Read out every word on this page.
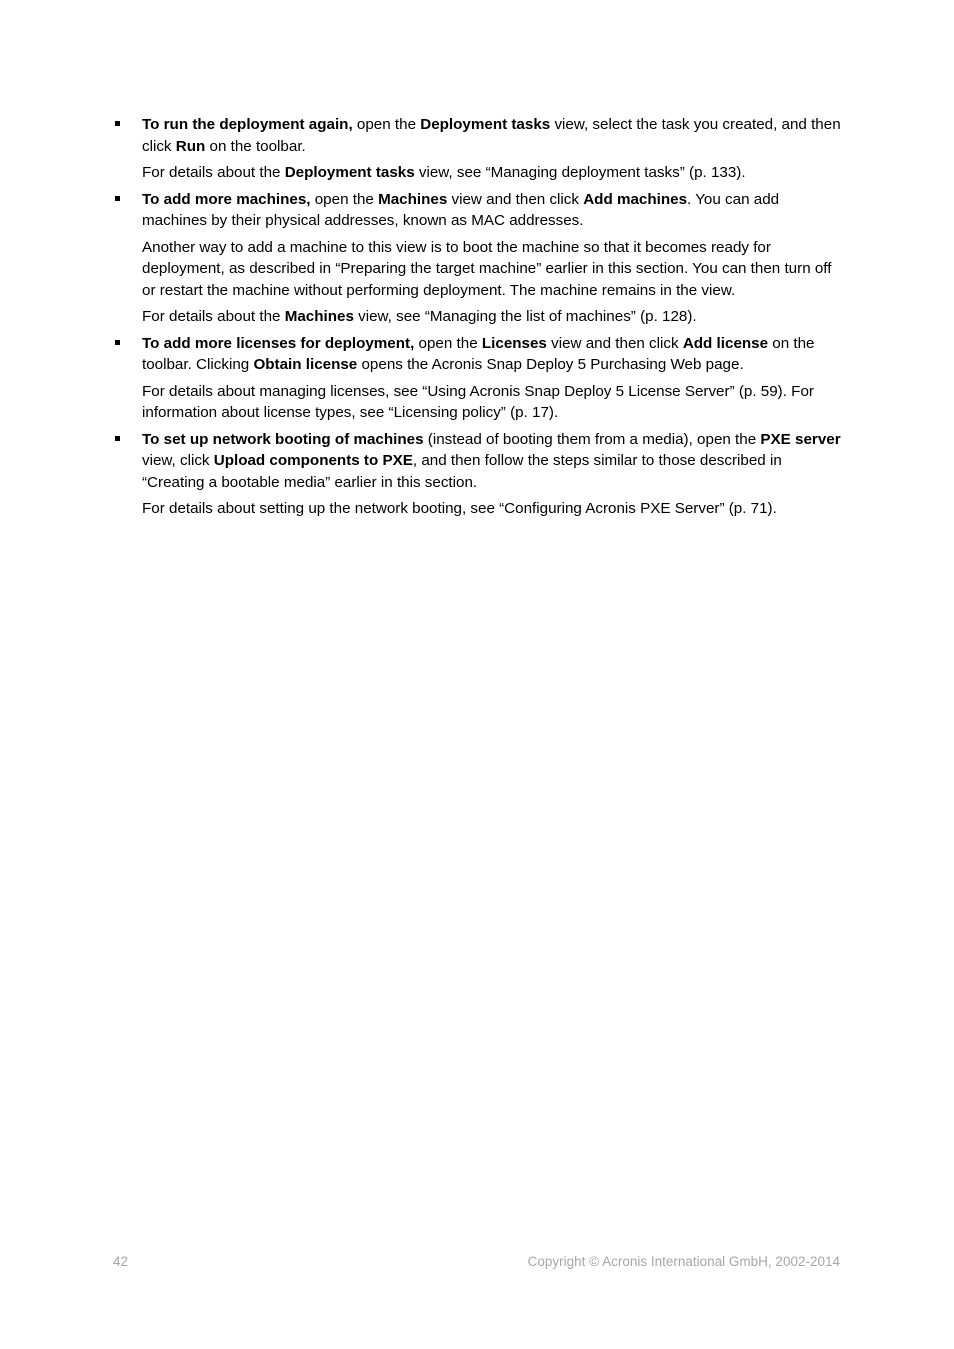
To run the deployment again, open the Deployment tasks view, select the task you created, and then click Run on the toolbar.

For details about the Deployment tasks view, see “Managing deployment tasks” (p. 133).

To add more machines, open the Machines view and then click Add machines. You can add machines by their physical addresses, known as MAC addresses.

Another way to add a machine to this view is to boot the machine so that it becomes ready for deployment, as described in “Preparing the target machine” earlier in this section. You can then turn off or restart the machine without performing deployment. The machine remains in the view.

For details about the Machines view, see “Managing the list of machines” (p. 128).

To add more licenses for deployment, open the Licenses view and then click Add license on the toolbar. Clicking Obtain license opens the Acronis Snap Deploy 5 Purchasing Web page.

For details about managing licenses, see “Using Acronis Snap Deploy 5 License Server” (p. 59). For information about license types, see “Licensing policy” (p. 17).

To set up network booting of machines (instead of booting them from a media), open the PXE server view, click Upload components to PXE, and then follow the steps similar to those described in “Creating a bootable media” earlier in this section.

For details about setting up the network booting, see “Configuring Acronis PXE Server” (p. 71).

42	Copyright © Acronis International GmbH, 2002-2014
